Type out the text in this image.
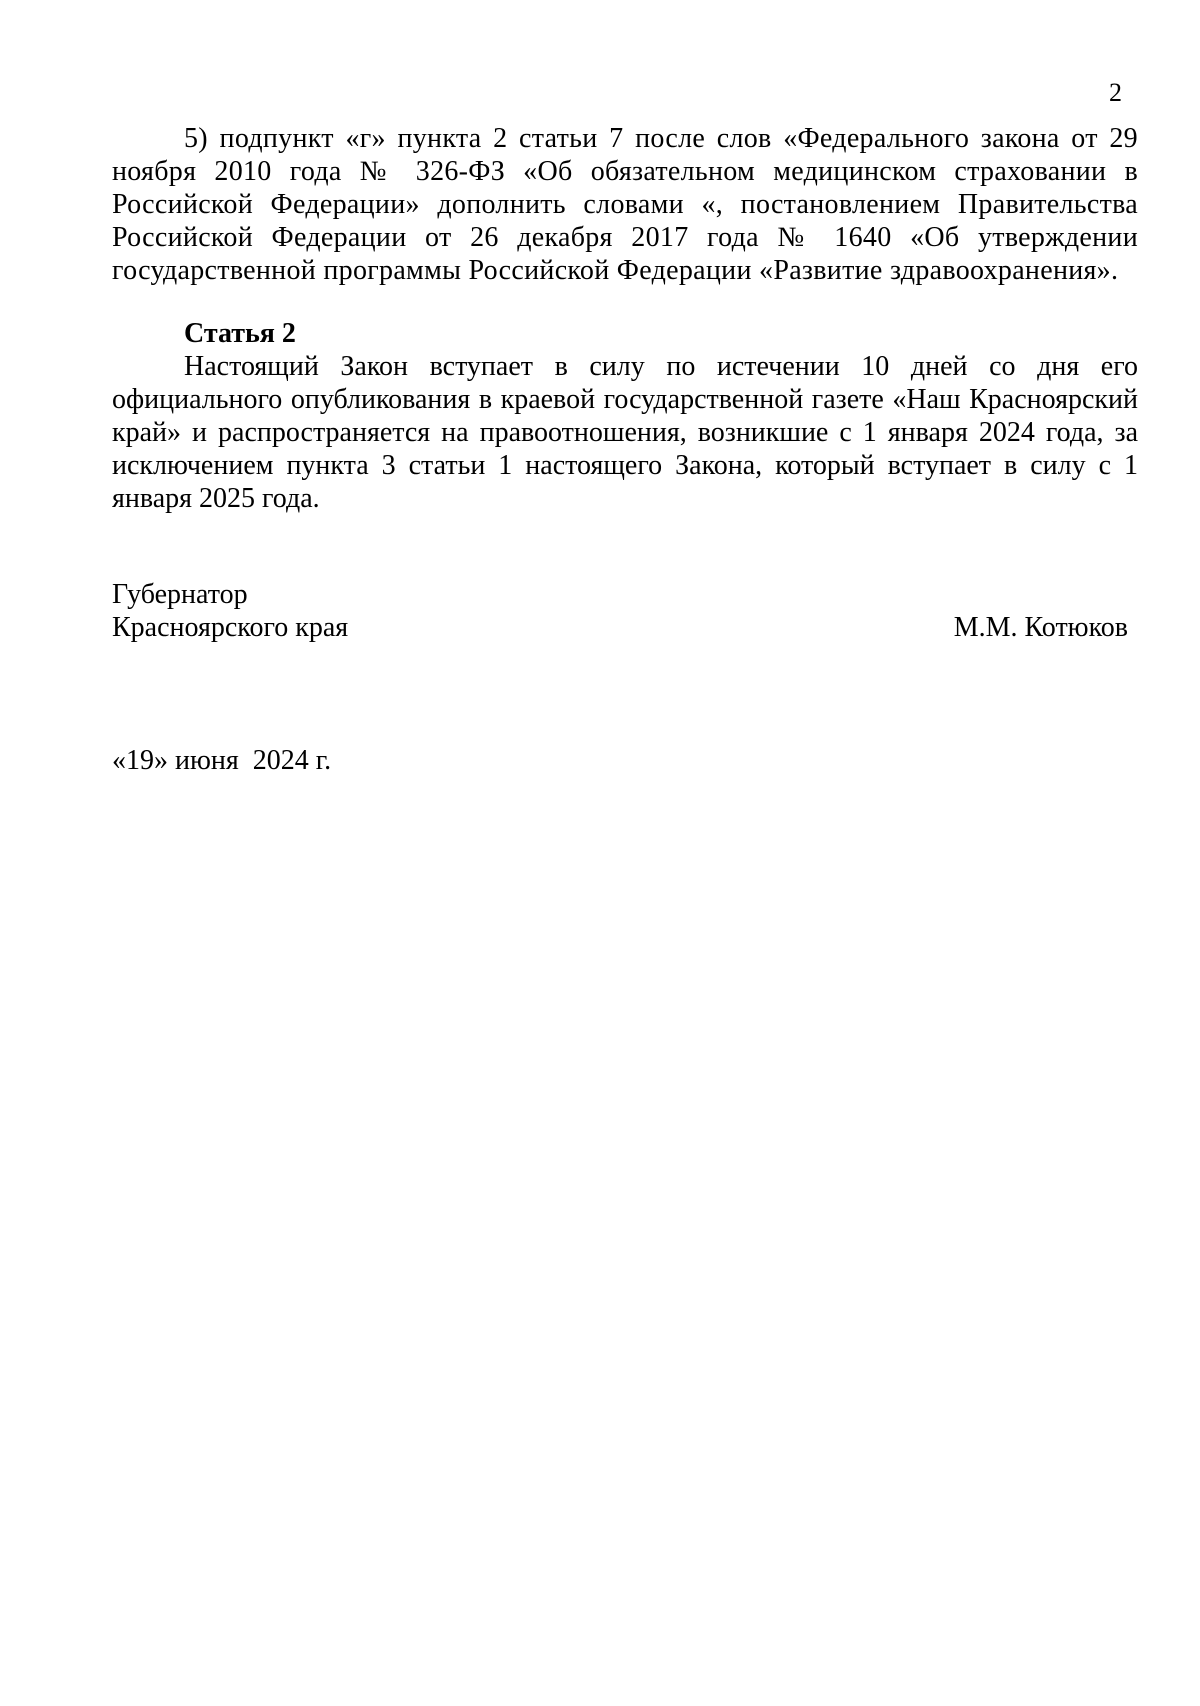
2

5) подпункт «г» пункта 2 статьи 7 после слов «Федерального закона от 29 ноября 2010 года № 326-ФЗ «Об обязательном медицинском страховании в Российской Федерации» дополнить словами «, постановлением Правительства Российской Федерации от 26 декабря 2017 года № 1640 «Об утверждении государственной программы Российской Федерации «Развитие здравоохранения».

Статья 2

Настоящий Закон вступает в силу по истечении 10 дней со дня его официального опубликования в краевой государственной газете «Наш Красноярский край» и распространяется на правоотношения, возникшие с 1 января 2024 года, за исключением пункта 3 статьи 1 настоящего Закона, который вступает в силу с 1 января 2025 года.

Губернатор
Красноярского края	М.М. Котюков
«19» июня  2024 г.
